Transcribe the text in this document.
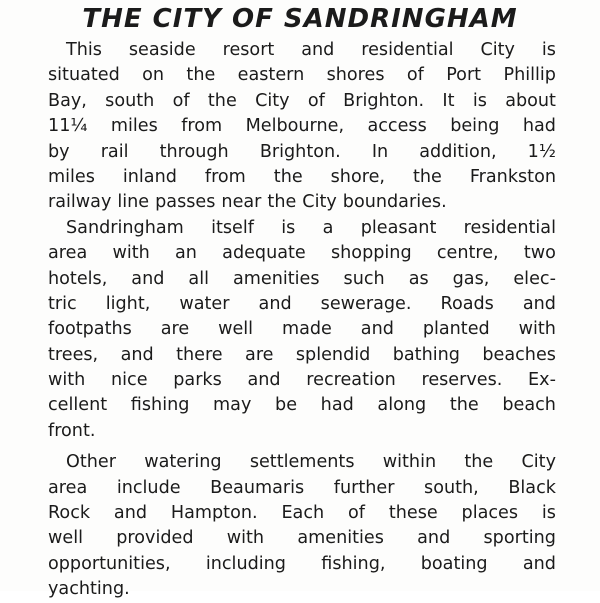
THE CITY OF SANDRINGHAM
This seaside resort and residential City is
situated on the eastern shores of Port Phillip
Bay, south of the City of Brighton. It is about
11¼ miles from Melbourne, access being had
by rail through Brighton. In addition, 1½
miles inland from the shore, the Frankston
railway line passes near the City boundaries.
Sandringham itself is a pleasant residential
area with an adequate shopping centre, two
hotels, and all amenities such as gas, elec-
tric light, water and sewerage. Roads and
footpaths are well made and planted with
trees, and there are splendid bathing beaches
with nice parks and recreation reserves. Ex-
cellent fishing may be had along the beach
front.
Other watering settlements within the City
area include Beaumaris further south, Black
Rock and Hampton. Each of these places is
well provided with amenities and sporting
opportunities, including fishing, boating and
yachting.
